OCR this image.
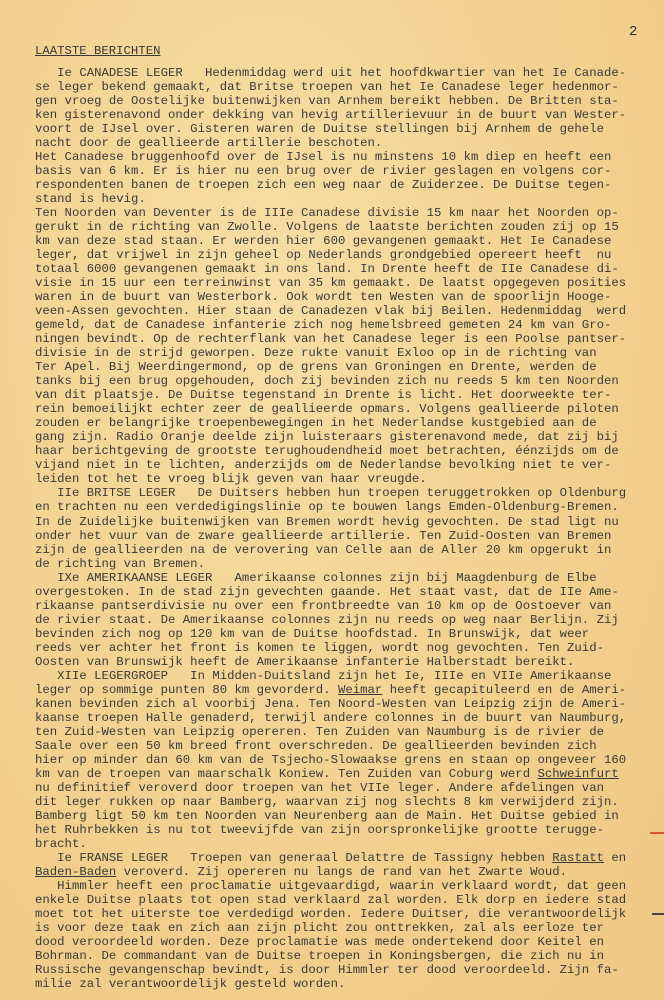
2
LAATSTE BERICHTEN
Ie CANADESE LEGER   Hedenmiddag werd uit het hoofdkwartier van het Ie Canade-
se leger bekend gemaakt, dat Britse troepen van het Ie Canadese leger hedenmor-
gen vroeg de Oostelijke buitenwijken van Arnhem bereikt hebben. De Britten sta-
ken gisterenavond onder dekking van hevig artillerievuur in de buurt van Wester-
voort de IJsel over. Gisteren waren de Duitse stellingen bij Arnhem de gehele
nacht door de geallieerde artillerie beschoten.
Het Canadese bruggenhoofd over de IJsel is nu minstens 10 km diep en heeft een
basis van 6 km. Er is hier nu een brug over de rivier geslagen en volgens cor-
respondenten banen de troepen zich een weg naar de Zuiderzee. De Duitse tegen-
stand is hevig.
Ten Noorden van Deventer is de IIIe Canadese divisie 15 km naar het Noorden op-
gerukt in de richting van Zwolle. Volgens de laatste berichten zouden zij op 15
km van deze stad staan. Er werden hier 600 gevangenen gemaakt. Het Ie Canadese
leger, dat vrijwel in zijn geheel op Nederlands grondgebied opereert heeft  nu
totaal 6000 gevangenen gemaakt in ons land. In Drente heeft de IIe Canadese di-
visie in 15 uur een terreinwinst van 35 km gemaakt. De laatst opgegeven posities
waren in de buurt van Westerbork. Ook wordt ten Westen van de spoorlijn Hooge-
veen-Assen gevochten. Hier staan de Canadezen vlak bij Beilen. Hedenmiddag  werd
gemeld, dat de Canadese infanterie zich nog hemelsbreed gemeten 24 km van Gro-
ningen bevindt. Op de rechterflank van het Canadese leger is een Poolse pantser-
divisie in de strijd geworpen. Deze rukte vanuit Exloo op in de richting van
Ter Apel. Bij Weerdingermond, op de grens van Groningen en Drente, werden de
tanks bij een brug opgehouden, doch zij bevinden zich nu reeds 5 km ten Noorden
van dit plaatsje. De Duitse tegenstand in Drente is licht. Het doorweekte ter-
rein bemoeilijkt echter zeer de geallieerde opmars. Volgens geallieerde piloten
zouden er belangrijke troepenbewegingen in het Nederlandse kustgebied aan de
gang zijn. Radio Oranje deelde zijn luisteraars gisterenavond mede, dat zij bij
haar berichtgeving de grootste terughoudendheid moet betrachten, éénzijds om de
vijand niet in te lichten, anderzijds om de Nederlandse bevolking niet te ver-
leiden tot het te vroeg blijk geven van haar vreugde.
IIe BRITSE LEGER   De Duitsers hebben hun troepen teruggetrokken op Oldenburg
en trachten nu een verdedigingslinie op te bouwen langs Emden-Oldenburg-Bremen.
In de Zuidelijke buitenwijken van Bremen wordt hevig gevochten. De stad ligt nu
onder het vuur van de zware geallieerde artillerie. Ten Zuid-Oosten van Bremen
zijn de geallieerden na de verovering van Celle aan de Aller 20 km opgerukt in
de richting van Bremen.
IXe AMERIKAANSE LEGER   Amerikaanse colonnes zijn bij Maagdenburg de Elbe
overgestoken. In de stad zijn gevechten gaande. Het staat vast, dat de IIe Ame-
rikaanse pantserdivisie nu over een frontbreedte van 10 km op de Oostoever van
de rivier staat. De Amerikaanse colonnes zijn nu reeds op weg naar Berlijn. Zij
bevinden zich nog op 120 km van de Duitse hoofdstad. In Brunswijk, dat weer
reeds ver achter het front is komen te liggen, wordt nog gevochten. Ten Zuid-
Oosten van Brunswijk heeft de Amerikaanse infanterie Halberstadt bereikt.
XIIe LEGERGROEP   In Midden-Duitsland zijn het Ie, IIIe en VIIe Amerikaanse
leger op sommige punten 80 km gevorderd. Weimar heeft gecapituleerd en de Ameri-
kanen bevinden zich al voorbij Jena. Ten Noord-Westen van Leipzig zijn de Ameri-
kaanse troepen Halle genaderd, terwijl andere colonnes in de buurt van Naumburg,
ten Zuid-Westen van Leipzig opereren. Ten Zuiden van Naumburg is de rivier de
Saale over een 50 km breed front overschreden. De geallieerden bevinden zich
hier op minder dan 60 km van de Tsjecho-Slowaakse grens en staan op ongeveer 160
km van de troepen van maarschalk Koniew. Ten Zuiden van Coburg werd Schweinfurt
nu definitief veroverd door troepen van het VIIe leger. Andere afdelingen van
dit leger rukken op naar Bamberg, waarvan zij nog slechts 8 km verwijderd zijn.
Bamberg ligt 50 km ten Noorden van Neurenberg aan de Main. Het Duitse gebied in
het Ruhrbekken is nu tot tweevijfde van zijn oorspronkelijke grootte terugge-
bracht.
Ie FRANSE LEGER   Troepen van generaal Delattre de Tassigny hebben Rastatt en
Baden-Baden veroverd. Zij opereren nu langs de rand van het Zwarte Woud.
Himmler heeft een proclamatie uitgevaardigd, waarin verklaard wordt, dat geen
enkele Duitse plaats tot open stad verklaard zal worden. Elk dorp en iedere stad
moet tot het uiterste toe verdedigd worden. Iedere Duitser, die verantwoordelijk
is voor deze taak en zich aan zijn plicht zou onttrekken, zal als eerloze ter
dood veroordeeld worden. Deze proclamatie was mede ondertekend door Keitel en
Bohrman. De commandant van de Duitse troepen in Koningsbergen, die zich nu in
Russische gevangenschap bevindt, is door Himmler ter dood veroordeeld. Zijn fa-
milie zal verantwoordelijk gesteld worden.
